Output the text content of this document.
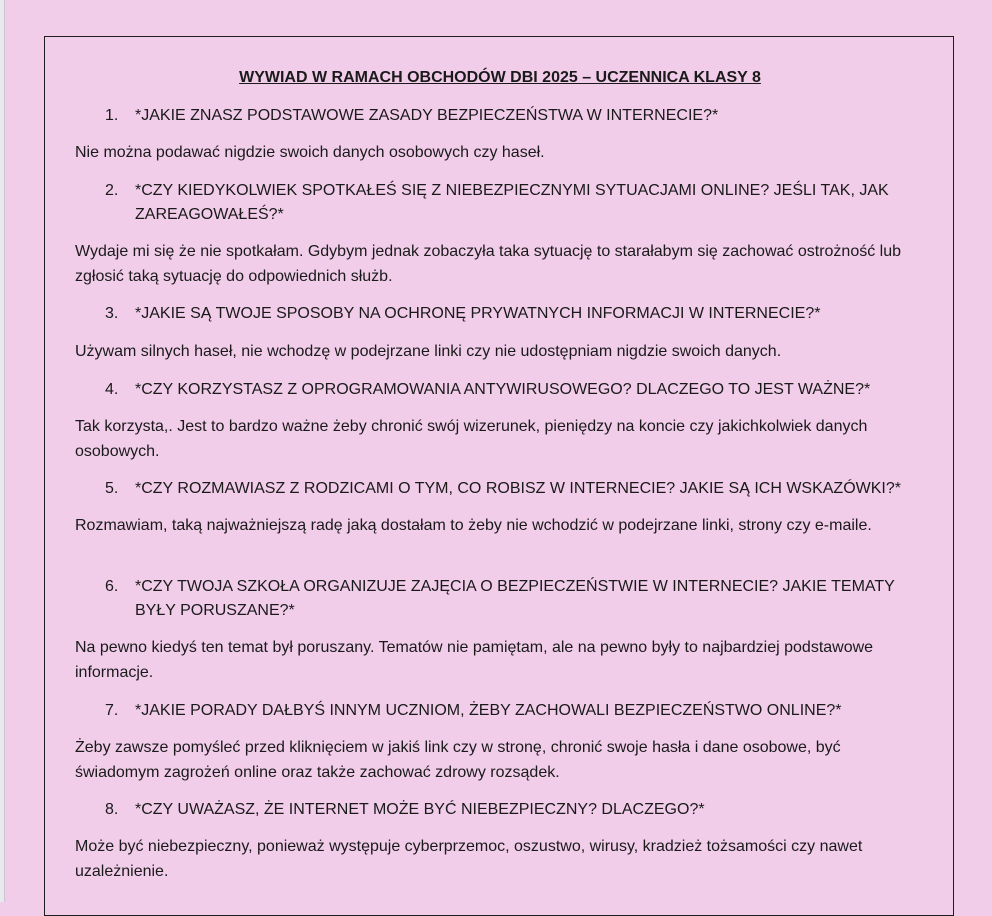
WYWIAD W RAMACH OBCHODÓW DBI 2025 – UCZENNICA KLASY 8
1. *JAKIE ZNASZ PODSTAWOWE ZASADY BEZPIECZEŃSTWA W INTERNECIE?*
Nie można podawać nigdzie swoich danych osobowych czy haseł.
2. *CZY KIEDYKOLWIEK SPOTKAŁEŚ SIĘ Z NIEBEZPIECZNYMI SYTUACJAMI ONLINE? JEŚLI TAK, JAK ZAREAGOWAŁEŚ?*
Wydaje mi się że nie spotkałam. Gdybym jednak zobaczyła taka sytuację to starałabym się zachować ostrożność lub zgłosić taką sytuację do odpowiednich służb.
3. *JAKIE SĄ TWOJE SPOSOBY NA OCHRONĘ PRYWATNYCH INFORMACJI W INTERNECIE?*
Używam silnych haseł, nie wchodzę w podejrzane linki czy nie udostępniam nigdzie swoich danych.
4. *CZY KORZYSTASZ Z OPROGRAMOWANIA ANTYWIRUSOWEGO? DLACZEGO TO JEST WAŻNE?*
Tak korzysta,. Jest to bardzo ważne żeby chronić swój wizerunek, pieniędzy na koncie czy jakichkolwiek danych osobowych.
5. *CZY ROZMAWIASZ Z RODZICAMI O TYM, CO ROBISZ W INTERNECIE? JAKIE SĄ ICH WSKAZÓWKI?*
Rozmawiam, taką najważniejszą radę jaką dostałam to żeby nie wchodzić w podejrzane linki, strony czy e-maile.
6. *CZY TWOJA SZKOŁA ORGANIZUJE ZAJĘCIA O BEZPIECZEŃSTWIE W INTERNECIE? JAKIE TEMATY BYŁY PORUSZANE?*
Na pewno kiedyś ten temat był poruszany. Tematów nie pamiętam, ale na pewno były to najbardziej podstawowe informacje.
7. *JAKIE PORADY DAŁBYŚ INNYM UCZNIOM, ŻEBY ZACHOWALI BEZPIECZEŃSTWO ONLINE?*
Żeby zawsze pomyśleć przed kliknięciem w jakiś link czy w stronę, chronić swoje hasła i dane osobowe, być świadomym zagrożeń online oraz także zachować zdrowy rozsądek.
8. *CZY UWAŻASZ, ŻE INTERNET MOŻE BYĆ NIEBEZPIECZNY? DLACZEGO?*
Może być niebezpieczny, ponieważ występuje cyberprzemoc, oszustwo, wirusy, kradzież tożsamości czy nawet uzależnienie.
